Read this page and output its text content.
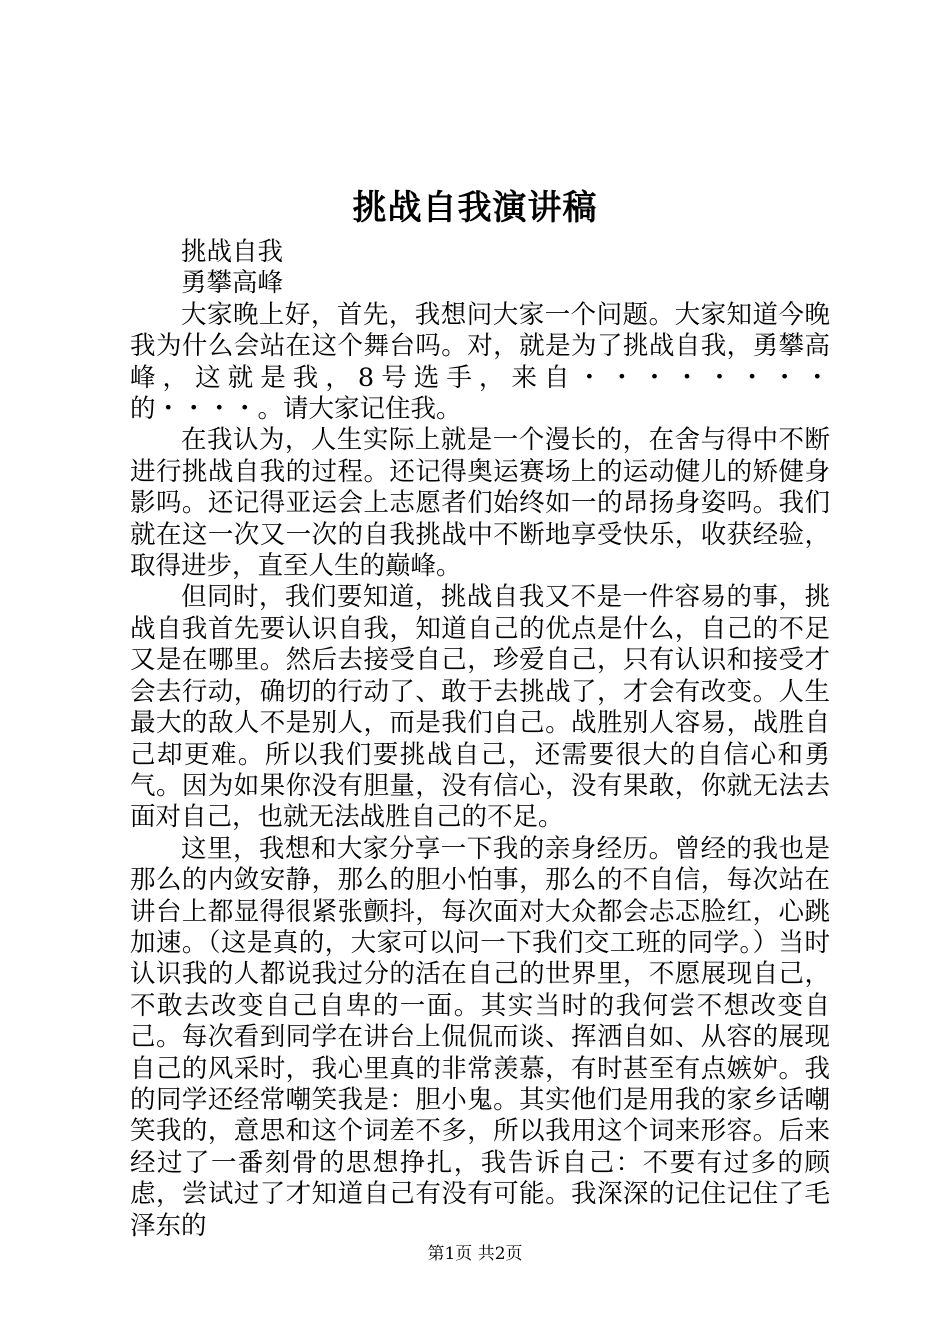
挑战自我演讲稿

挑战自我

勇攀高峰

大家晚上好，首先，我想问大家一个问题。大家知道今晚我为什么会站在这个舞台吗。对，就是为了挑战自我，勇攀高峰，这就是我，8号选手，来自・・・・・・・・的・・・・。请大家记住我。

在我认为，人生实际上就是一个漫长的，在舍与得中不断进行挑战自我的过程。还记得奥运赛场上的运动健儿的矫健身影吗。还记得亚运会上志愿者们始终如一的昂扬身姿吗。我们就在这一次又一次的自我挑战中不断地享受快乐，收获经验，取得进步，直至人生的巅峰。

但同时，我们要知道，挑战自我又不是一件容易的事，挑战自我首先要认识自我，知道自己的优点是什么，自己的不足又是在哪里。然后去接受自己，珍爱自己，只有认识和接受才会去行动，确切的行动了、敢于去挑战了，才会有改变。人生最大的敌人不是别人，而是我们自己。战胜别人容易，战胜自己却更难。所以我们要挑战自己，还需要很大的自信心和勇气。因为如果你没有胆量，没有信心，没有果敢，你就无法去面对自己，也就无法战胜自己的不足。

这里，我想和大家分享一下我的亲身经历。曾经的我也是那么的内敛安静，那么的胆小怕事，那么的不自信，每次站在讲台上都显得很紧张颤抖，每次面对大众都会忐忑脸红，心跳加速。（这是真的，大家可以问一下我们交工班的同学。）当时认识我的人都说我过分的活在自己的世界里，不愿展现自己，不敢去改变自己自卑的一面。其实当时的我何尝不想改变自己。每次看到同学在讲台上侃侃而谈、挥洒自如、从容的展现自己的风采时，我心里真的非常羡慕，有时甚至有点嫉妒。我的同学还经常嘲笑我是：胆小鬼。其实他们是用我的家乡话嘲笑我的，意思和这个词差不多，所以我用这个词来形容。后来经过了一番刻骨的思想挣扎，我告诉自己：不要有过多的顾虑，尝试过了才知道自己有没有可能。我深深的记住记住了毛泽东的

第1页 共2页
